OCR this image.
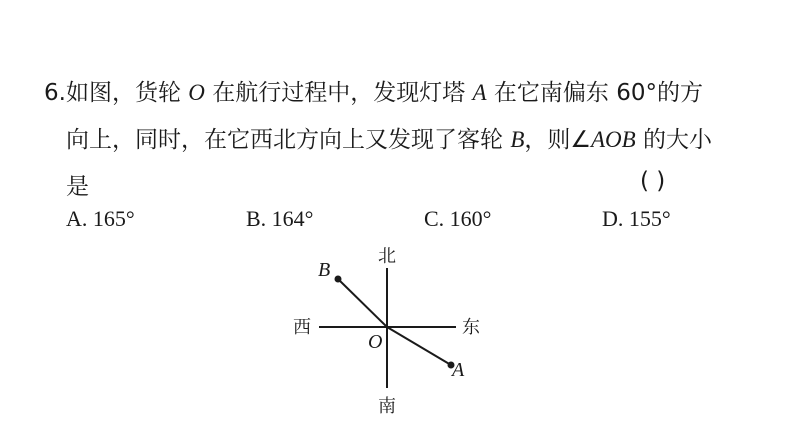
6.如图，货轮 O 在航行过程中，发现灯塔 A 在它南偏东 60°的方
向上，同时，在它西北方向上又发现了客轮 B，则∠AOB 的大小
是	( )
A. 165°	B. 164°	C. 160°	D. 155°
北
南
西	东
O
A
B
